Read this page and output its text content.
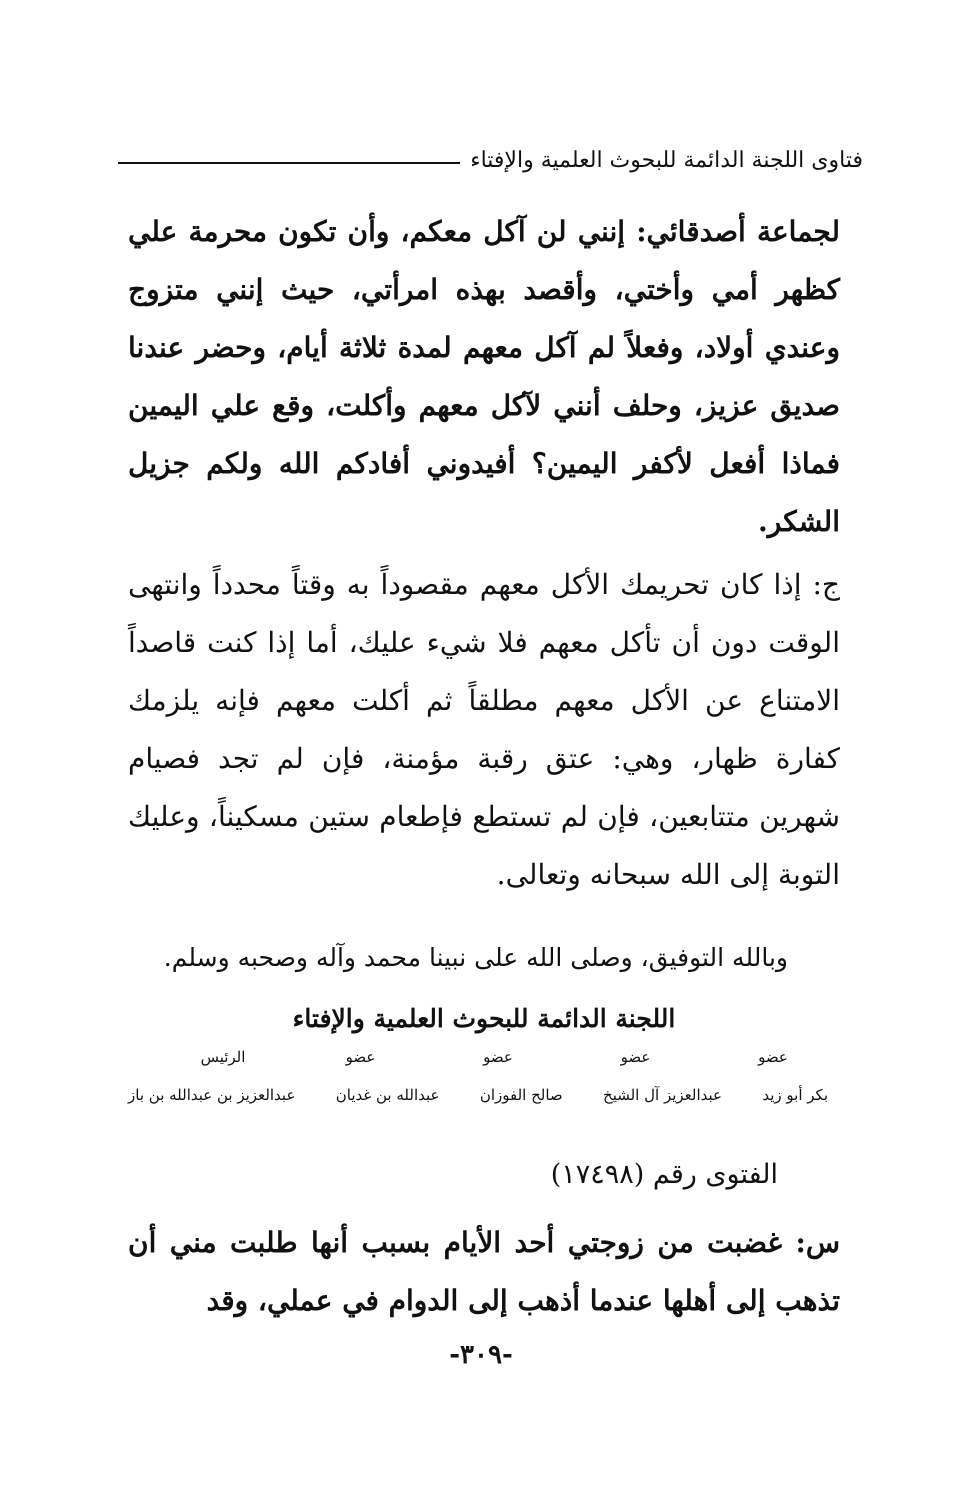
فتاوى اللجنة الدائمة للبحوث العلمية والإفتاء
لجماعة أصدقائي: إنني لن آكل معكم، وأن تكون محرمة علي كظهر أمي وأختي، وأقصد بهذه امرأتي، حيث إنني متزوج وعندي أولاد، وفعلاً لم آكل معهم لمدة ثلاثة أيام، وحضر عندنا صديق عزيز، وحلف أنني لآكل معهم وأكلت، وقع علي اليمين فماذا أفعل لأكفر اليمين؟ أفيدوني أفادكم الله ولكم جزيل الشكر.
ج: إذا كان تحريمك الأكل معهم مقصوداً به وقتاً محدداً وانتهى الوقت دون أن تأكل معهم فلا شيء عليك، أما إذا كنت قاصداً الامتناع عن الأكل معهم مطلقاً ثم أكلت معهم فإنه يلزمك كفارة ظهار، وهي: عتق رقبة مؤمنة، فإن لم تجد فصيام شهرين متتابعين، فإن لم تستطع فإطعام ستين مسكيناً، وعليك التوبة إلى الله سبحانه وتعالى.
وبالله التوفيق، وصلى الله على نبينا محمد وآله وصحبه وسلم.
اللجنة الدائمة للبحوث العلمية والإفتاء
عضو
عضو
عضو
عضو
الرئيس
بكر أبو زيد
عبدالعزيز آل الشيخ
صالح الفوزان
عبدالله بن غديان
عبدالعزيز بن عبدالله بن باز
الفتوى رقم (١٧٤٩٨)
س: غضبت من زوجتي أحد الأيام بسبب أنها طلبت مني أن تذهب إلى أهلها عندما أذهب إلى الدوام في عملي، وقد
-٣٠٩-
